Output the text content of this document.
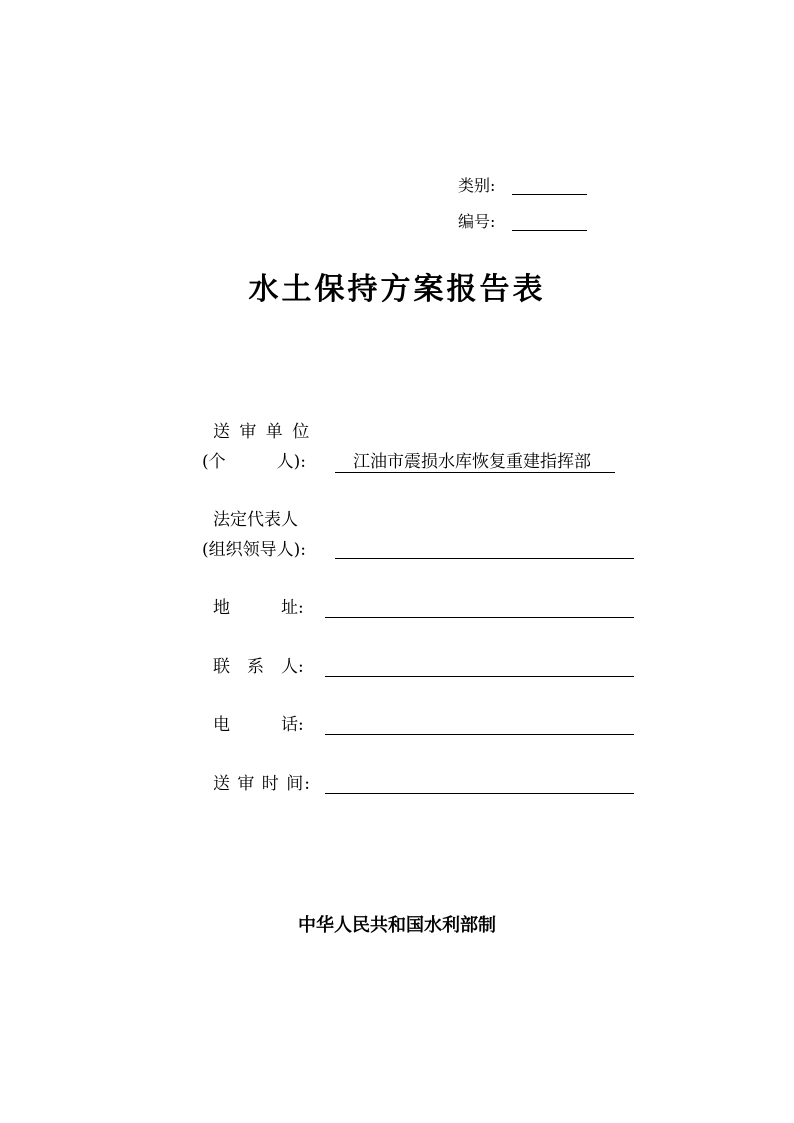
类别:
编号:
水土保持方案报告表
送 审 单 位
(个　　　人):	江油市震损水库恢复重建指挥部
法定代表人
(组织领导人):
地　　　址:
联　系　人:
电　　　话:
送 审 时 间:
中华人民共和国水利部制
